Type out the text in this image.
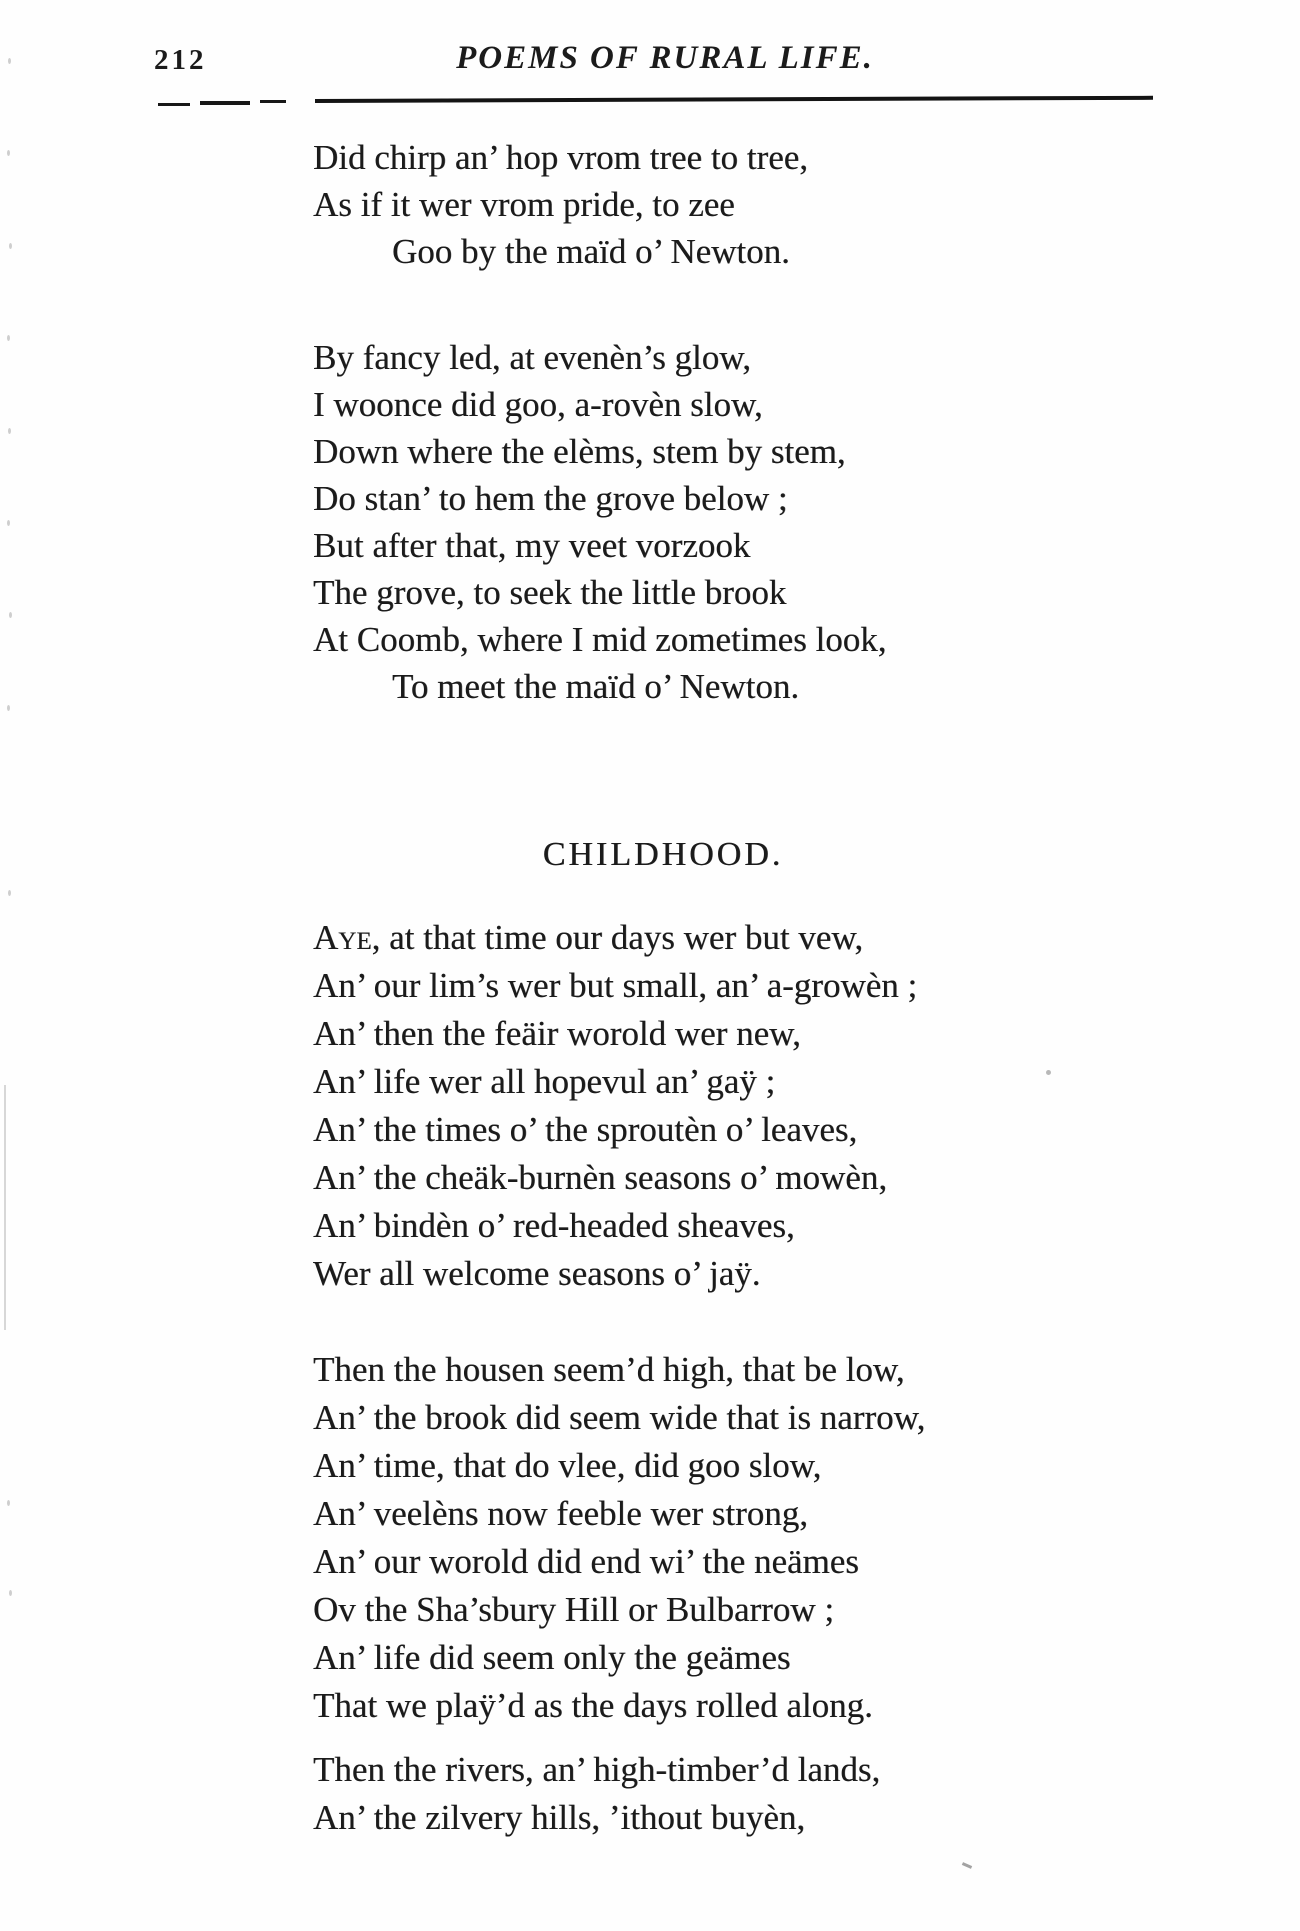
212	POEMS OF RURAL LIFE.
Did chirp an’ hop vrom tree to tree,
As if it wer vrom pride, to zee
Goo by the maïd o’ Newton.
By fancy led, at evenèn’s glow,
I woonce did goo, a-rovèn slow,
Down where the elèms, stem by stem,
Do stan’ to hem the grove below ;
But after that, my veet vorzook
The grove, to seek the little brook
At Coomb, where I mid zometimes look,
To meet the maïd o’ Newton.
CHILDHOOD.
Aye, at that time our days wer but vew,
An’ our lim’s wer but small, an’ a-growèn ;
An’ then the feäir worold wer new,
An’ life wer all hopevul an’ gaÿ ;
An’ the times o’ the sproutèn o’ leaves,
An’ the cheäk-burnèn seasons o’ mowèn,
An’ bindèn o’ red-headed sheaves,
Wer all welcome seasons o’ jaÿ.
Then the housen seem’d high, that be low,
An’ the brook did seem wide that is narrow,
An’ time, that do vlee, did goo slow,
An’ veelèns now feeble wer strong,
An’ our worold did end wi’ the neämes
Ov the Sha’sbury Hill or Bulbarrow ;
An’ life did seem only the geämes
That we plaÿ’d as the days rolled along.
Then the rivers, an’ high-timber’d lands,
An’ the zilvery hills, ’ithout buyèn,
